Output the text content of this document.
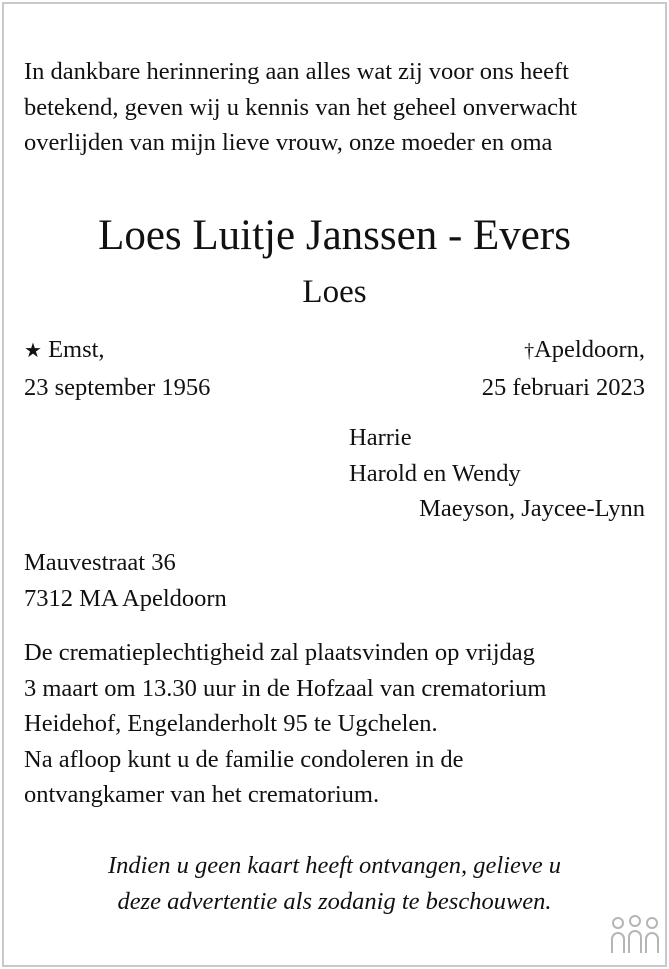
In dankbare herinnering aan alles wat zij voor ons heeft
betekend, geven wij u kennis van het geheel onverwacht
overlijden van mijn lieve vrouw, onze moeder en oma
Loes Luitje Janssen - Evers
Loes
★ Emst,
23 september 1956
†Apeldoorn,
25 februari 2023
Harrie
Harold en Wendy
Maeyson, Jaycee-Lynn
Mauvestraat 36
7312 MA Apeldoorn
De crematieplechtigheid zal plaatsvinden op vrijdag
3 maart om 13.30 uur in de Hofzaal van crematorium
Heidehof, Engelanderholt 95 te Ugchelen.
Na afloop kunt u de familie condoleren in de
ontvangkamer van het crematorium.
Indien u geen kaart heeft ontvangen, gelieve u
deze advertentie als zodanig te beschouwen.
